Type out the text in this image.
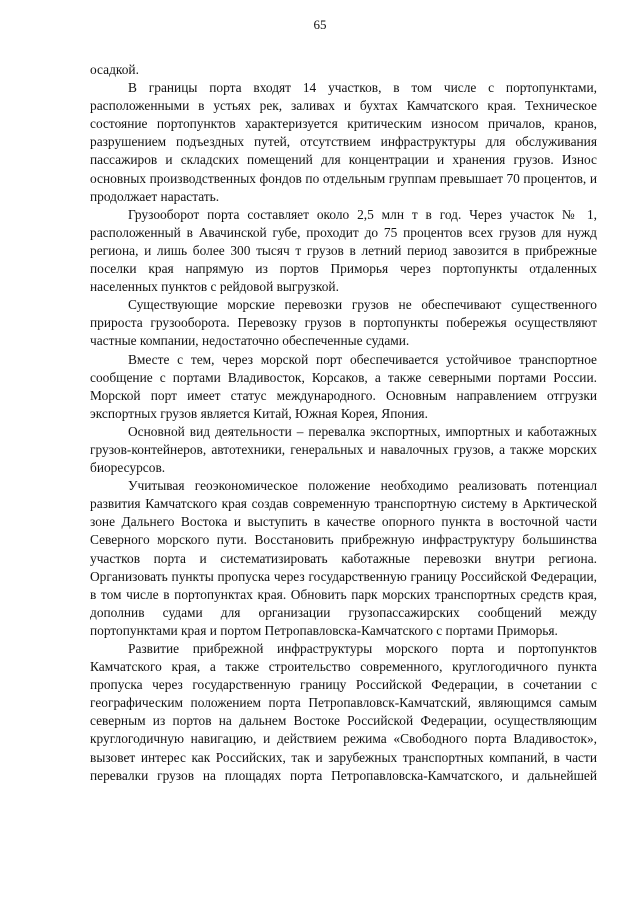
65

осадкой.

В границы порта входят 14 участков, в том числе с портопунктами, расположенными в устьях рек, заливах и бухтах Камчатского края. Техническое состояние портопунктов характеризуется критическим износом причалов, кранов, разрушением подъездных путей, отсутствием инфраструктуры для обслуживания пассажиров и складских помещений для концентрации и хранения грузов. Износ основных производственных фондов по отдельным группам превышает 70 процентов, и продолжает нарастать.

Грузооборот порта составляет около 2,5 млн т в год. Через участок № 1, расположенный в Авачинской губе, проходит до 75 процентов всех грузов для нужд региона, и лишь более 300 тысяч т грузов в летний период завозится в прибрежные поселки края напрямую из портов Приморья через портопункты отдаленных населенных пунктов с рейдовой выгрузкой.

Существующие морские перевозки грузов не обеспечивают существенного прироста грузооборота. Перевозку грузов в портопункты побережья осуществляют частные компании, недостаточно обеспеченные судами.

Вместе с тем, через морской порт обеспечивается устойчивое транспортное сообщение с портами Владивосток, Корсаков, а также северными портами России. Морской порт имеет статус международного. Основным направлением отгрузки экспортных грузов является Китай, Южная Корея, Япония.

Основной вид деятельности – перевалка экспортных, импортных и каботажных грузов-контейнеров, автотехники, генеральных и навалочных грузов, а также морских биоресурсов.

Учитывая геоэкономическое положение необходимо реализовать потенциал развития Камчатского края создав современную транспортную систему в Арктической зоне Дальнего Востока и выступить в качестве опорного пункта в восточной части Северного морского пути. Восстановить прибрежную инфраструктуру большинства участков порта и систематизировать каботажные перевозки внутри региона. Организовать пункты пропуска через государственную границу Российской Федерации, в том числе в портопунктах края. Обновить парк морских транспортных средств края, дополнив судами для организации грузопассажирских сообщений между портопунктами края и портом Петропавловска-Камчатского с портами Приморья.

Развитие прибрежной инфраструктуры морского порта и портопунктов Камчатского края, а также строительство современного, круглогодичного пункта пропуска через государственную границу Российской Федерации, в сочетании с географическим положением порта Петропавловск-Камчатский, являющимся самым северным из портов на дальнем Востоке Российской Федерации, осуществляющим круглогодичную навигацию, и действием режима «Свободного порта Владивосток», вызовет интерес как Российских, так и зарубежных транспортных компаний, в части перевалки грузов на площадях порта Петропавловска-Камчатского, и дальнейшей
